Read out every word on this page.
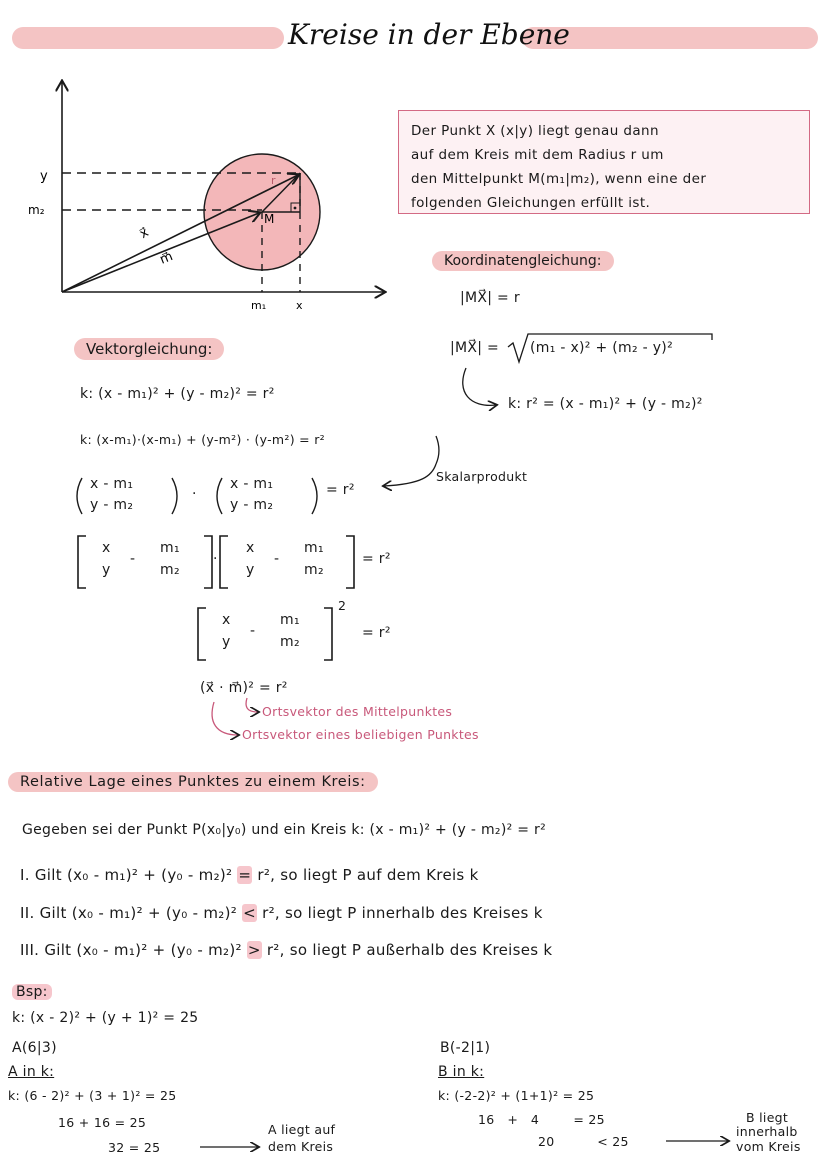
Kreise in der Ebene
y
m₂
m₁	x
r
M
x⃗
m⃗
Der Punkt X (x|y) liegt genau dann
auf dem Kreis mit dem Radius r um
den Mittelpunkt M(m₁|m₂), wenn eine der
folgenden Gleichungen erfüllt ist.
Koordinatengleichung:
|MX⃗| = r
|MX⃗| = (m₁ - x)² + (m₂ - y)²
k: r² = (x - m₁)² + (y - m₂)²
Vektorgleichung:
k: (x - m₁)² + (y - m₂)² = r²
k: (x-m₁)·(x-m₁) + (y-m²) · (y-m²) = r²
Skalarprodukt
x - m₁
y - m₂
·
x - m₁
y - m₂
= r²
x
y
-
m₁
m₂
·
x
y
-
m₁
m₂
= r²
x
y
-
m₁
m₂
2
= r²
(x⃗ · m⃗)² = r²
Ortsvektor des Mittelpunktes
Ortsvektor eines beliebigen Punktes
Relative Lage eines Punktes zu einem Kreis:
Gegeben sei der Punkt P(x₀|y₀) und ein Kreis k: (x - m₁)² + (y - m₂)² = r²
I. Gilt (x₀ - m₁)² + (y₀ - m₂)² = r², so liegt P auf dem Kreis k
II. Gilt (x₀ - m₁)² + (y₀ - m₂)² < r², so liegt P innerhalb des Kreises k
III. Gilt (x₀ - m₁)² + (y₀ - m₂)² > r², so liegt P außerhalb des Kreises k
Bsp:
k: (x - 2)² + (y + 1)² = 25
A(6|3)
A in k:
k: (6 - 2)² + (3 + 1)² = 25
16 + 16 = 25
32 = 25
A liegt auf
dem Kreis
B(-2|1)
B in k:
k: (-2-2)² + (1+1)² = 25
16   +   4        = 25
20          < 25
B liegt
innerhalb
vom Kreis
